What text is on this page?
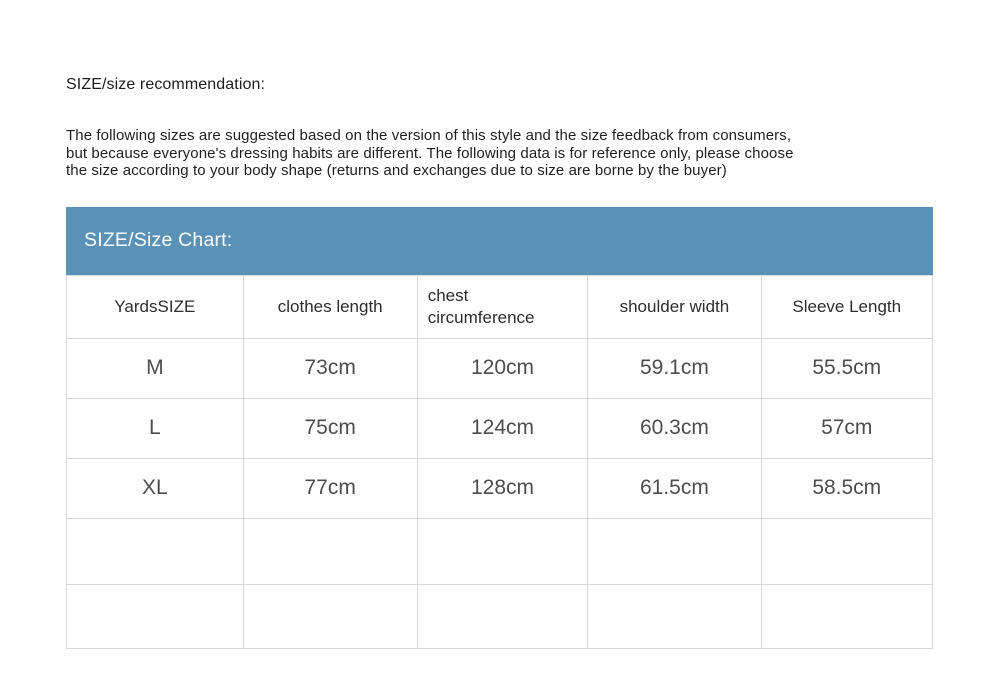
SIZE/size recommendation:
The following sizes are suggested based on the version of this style and the size feedback from consumers,
but because everyone's dressing habits are different. The following data is for reference only, please choose
the size according to your body shape (returns and exchanges due to size are borne by the buyer)
SIZE/Size Chart:
YardsSIZE	clothes length	chest circumference	shoulder width	Sleeve Length
M	73cm	120cm	59.1cm	55.5cm
L	75cm	124cm	60.3cm	57cm
XL	77cm	128cm	61.5cm	58.5cm
